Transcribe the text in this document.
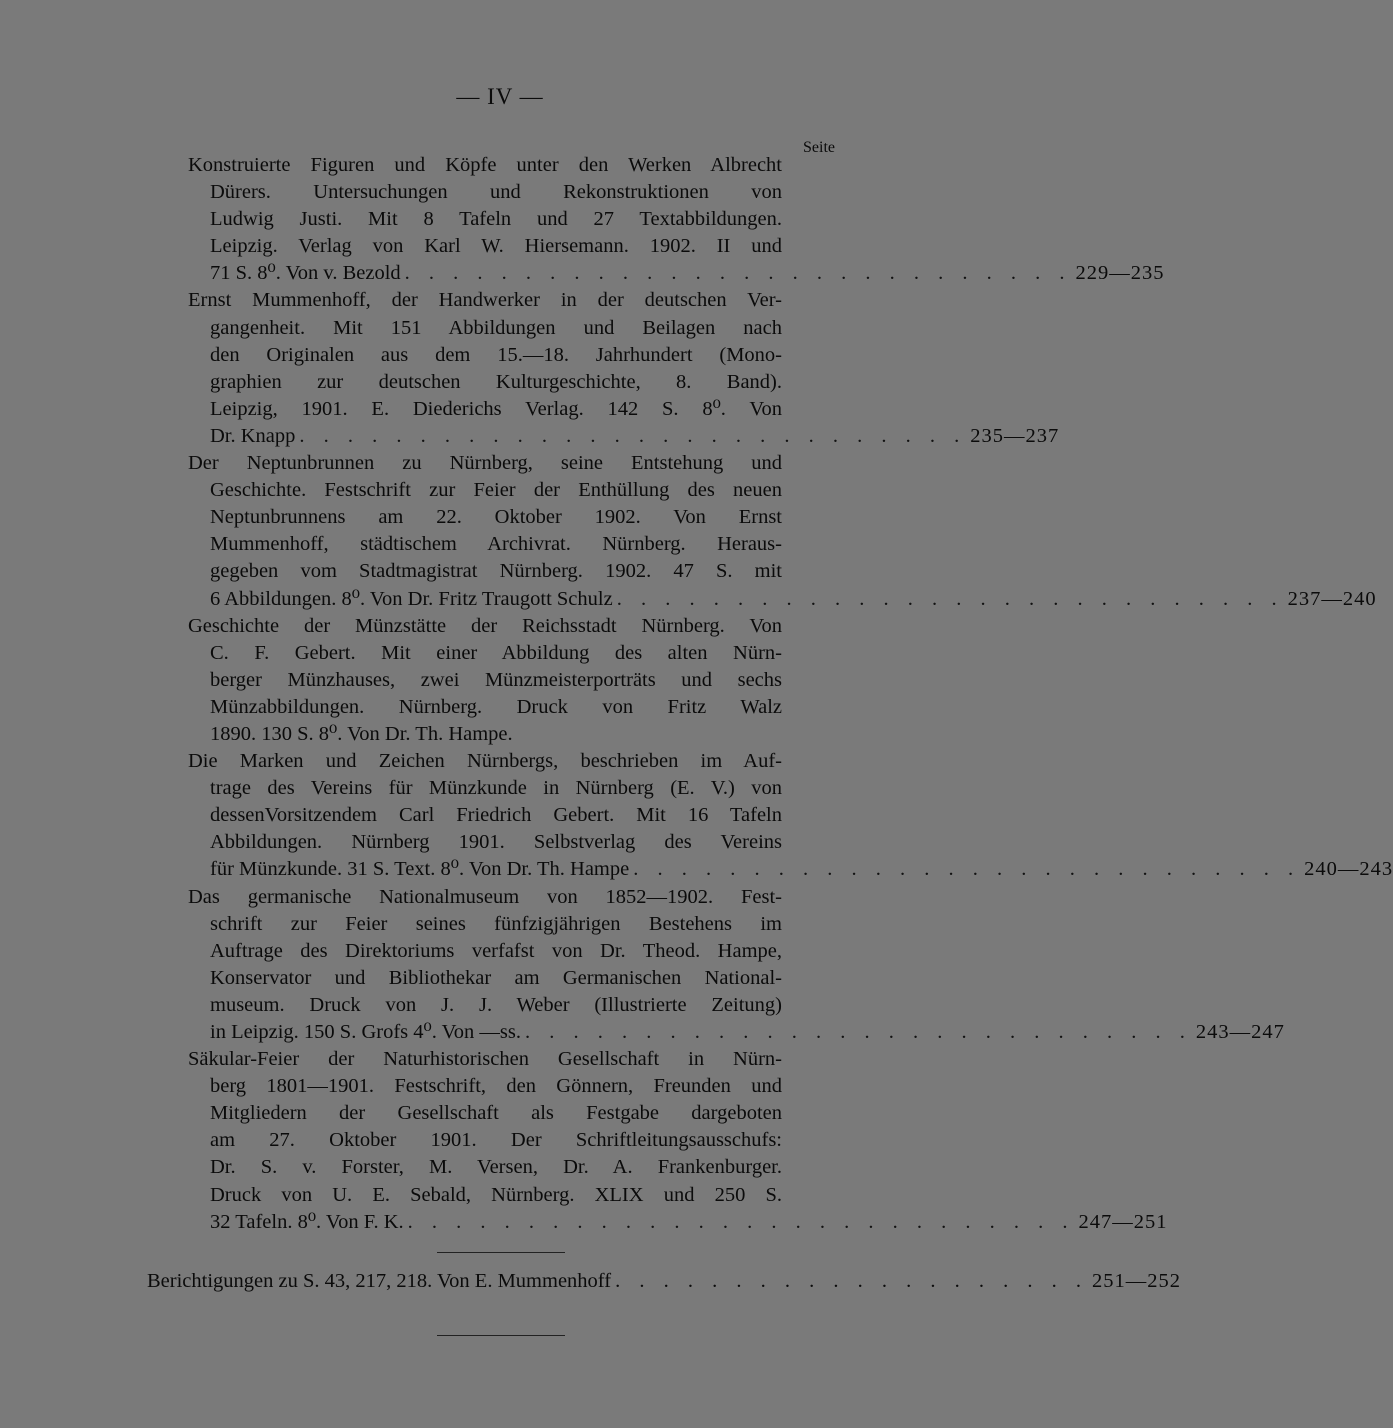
— IV —
Seite
Konstruierte Figuren und Köpfe unter den Werken Albrecht
Dürers. Untersuchungen und Rekonstruktionen von
Ludwig Justi. Mit 8 Tafeln und 27 Textabbildungen.
Leipzig. Verlag von Karl W. Hiersemann. 1902. II und
71 S. 8⁰. Von v. Bezold . . . . . . . . . . . . . . . . . . . . . . . . . . . . 229—235
Ernst Mummenhoff, der Handwerker in der deutschen Ver-
gangenheit. Mit 151 Abbildungen und Beilagen nach
den Originalen aus dem 15.—18. Jahrhundert (Mono-
graphien zur deutschen Kulturgeschichte, 8. Band).
Leipzig, 1901. E. Diederichs Verlag. 142 S. 8⁰. Von
Dr. Knapp . . . . . . . . . . . . . . . . . . . . . . . . . . . . 235—237
Der Neptunbrunnen zu Nürnberg, seine Entstehung und
Geschichte. Festschrift zur Feier der Enthüllung des neuen
Neptunbrunnens am 22. Oktober 1902. Von Ernst
Mummenhoff, städtischem Archivrat. Nürnberg. Heraus-
gegeben vom Stadtmagistrat Nürnberg. 1902. 47 S. mit
6 Abbildungen. 8⁰. Von Dr. Fritz Traugott Schulz . . . . . . . . . . . . . . . . . . . . . . . . . . . . 237—240
Geschichte der Münzstätte der Reichsstadt Nürnberg. Von
C. F. Gebert. Mit einer Abbildung des alten Nürn-
berger Münzhauses, zwei Münzmeisterporträts und sechs
Münzabbildungen. Nürnberg. Druck von Fritz Walz
1890. 130 S. 8⁰. Von Dr. Th. Hampe.
Die Marken und Zeichen Nürnbergs, beschrieben im Auf-
trage des Vereins für Münzkunde in Nürnberg (E. V.) von
dessenVorsitzendem Carl Friedrich Gebert. Mit 16 Tafeln
Abbildungen. Nürnberg 1901. Selbstverlag des Vereins
für Münzkunde. 31 S. Text. 8⁰. Von Dr. Th. Hampe . . . . . . . . . . . . . . . . . . . . . . . . . . . . 240—243
Das germanische Nationalmuseum von 1852—1902. Fest-
schrift zur Feier seines fünfzigjährigen Bestehens im
Auftrage des Direktoriums verfafst von Dr. Theod. Hampe,
Konservator und Bibliothekar am Germanischen National-
museum. Druck von J. J. Weber (Illustrierte Zeitung)
in Leipzig. 150 S. Grofs 4⁰. Von —ss. . . . . . . . . . . . . . . . . . . . . . . . . . . . . 243—247
Säkular-Feier der Naturhistorischen Gesellschaft in Nürn-
berg 1801—1901. Festschrift, den Gönnern, Freunden und
Mitgliedern der Gesellschaft als Festgabe dargeboten
am 27. Oktober 1901. Der Schriftleitungsausschufs:
Dr. S. v. Forster, M. Versen, Dr. A. Frankenburger.
Druck von U. E. Sebald, Nürnberg. XLIX und 250 S.
32 Tafeln. 8⁰. Von F. K. . . . . . . . . . . . . . . . . . . . . . . . . . . . . 247—251
Berichtigungen zu S. 43, 217, 218. Von E. Mummenhoff . . . . . . . . . . . . . . . . . . . . 251—252
